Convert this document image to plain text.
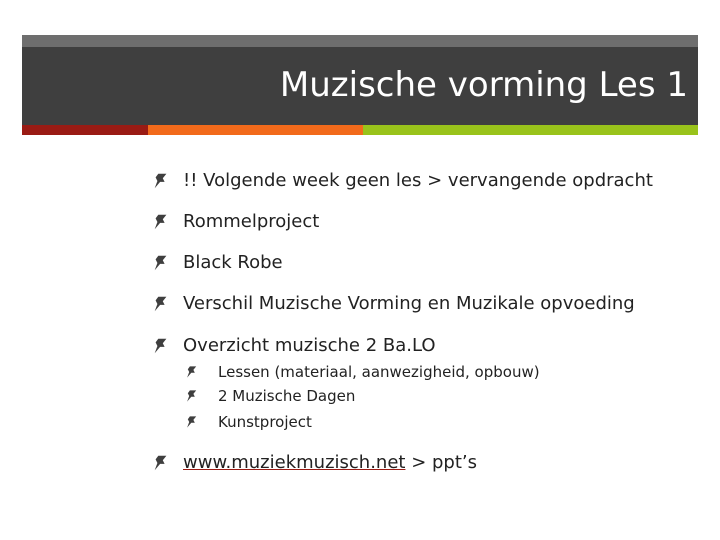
Muzische vorming Les 1
!! Volgende week geen les > vervangende opdracht
Rommelproject
Black Robe
Verschil Muzische Vorming en Muzikale opvoeding
Overzicht muzische 2 Ba.LO
Lessen (materiaal, aanwezigheid, opbouw)
2 Muzische Dagen
Kunstproject
www.muziekmuzisch.net > ppt’s
